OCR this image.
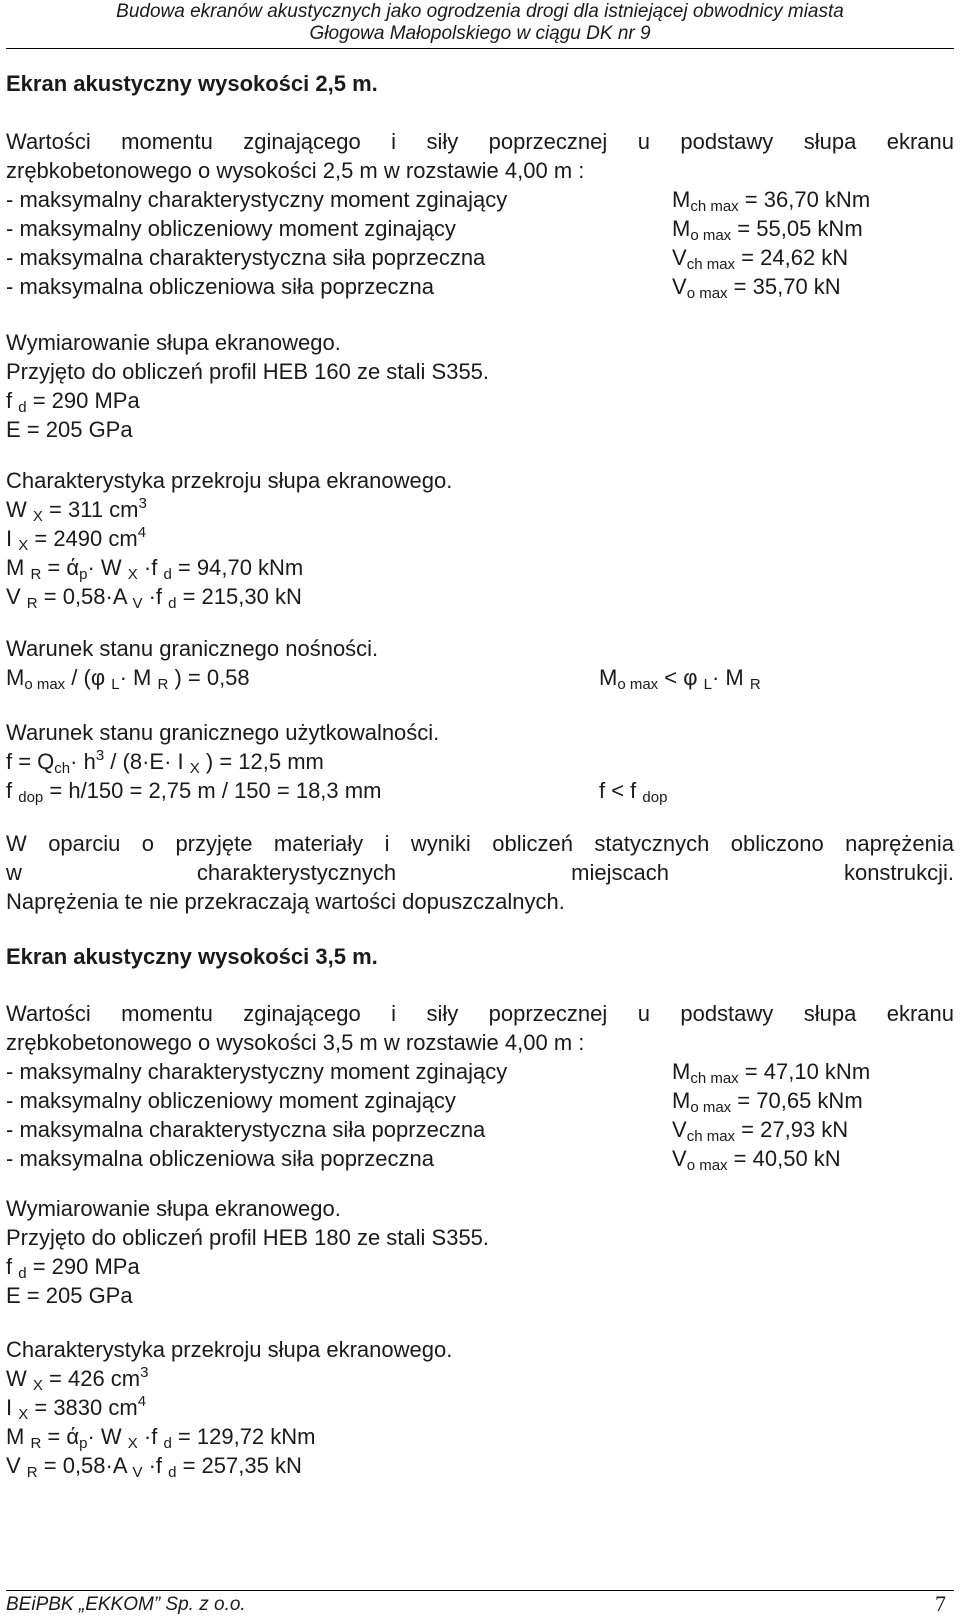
Budowa ekranów akustycznych jako ogrodzenia drogi dla istniejącej obwodnicy miasta
Głogowa Małopolskiego w ciągu DK nr 9
Ekran akustyczny wysokości 2,5 m.
Wartości momentu zginającego i siły poprzecznej u podstawy słupa ekranu
zrębkobetonowego o wysokości 2,5 m w rozstawie 4,00 m :
- maksymalny charakterystyczny moment zginający	$M_{ch max} = 36,70$ kNm
- maksymalny obliczeniowy moment zginający	$M_{o max} = 55,05$ kNm
- maksymalna charakterystyczna siła poprzeczna	$V_{ch max} = 24,62$ kN
- maksymalna obliczeniowa siła poprzeczna	$V_{o max} = 35,70$ kN
Wymiarowanie słupa ekranowego.
Przyjęto do obliczeń profil HEB 160 ze stali S355.
f $_d$ = 290 MPa
E = 205 GPa
Charakterystyka przekroju słupa ekranowego.
W $_X$ = 311 $cm^3$
I $_X$ = 2490 $cm^4$
M $_R = ά_p\cdot W$ $_X$ ·f $_d$ = 94,70 kNm
V $_R$ = 0,58·A $_V$ ·f $_d$ = 215,30 kN
Warunek stanu granicznego nośności.
$M_{o max} / (\varphi$ $_L$· M $_R$ ) = 0,58	$M_{o max} < \varphi$ $_L$· M $_R$
Warunek stanu granicznego użytkowalności.
$f = Q_{ch}\cdot h^3 / (8\cdot E\cdot I$ $_X$ ) = 12,5 mm
f $_{dop}$ = h/150 = 2,75 m / 150 = 18,3 mm	f < f $_{dop}$
W oparciu o przyjęte materiały i wyniki obliczeń statycznych obliczono naprężenia
w charakterystycznych miejscach konstrukcji.
Naprężenia te nie przekraczają wartości dopuszczalnych.
Ekran akustyczny wysokości 3,5 m.
Wartości momentu zginającego i siły poprzecznej u podstawy słupa ekranu
zrębkobetonowego o wysokości 3,5 m w rozstawie 4,00 m :
- maksymalny charakterystyczny moment zginający	$M_{ch max} = 47,10$ kNm
- maksymalny obliczeniowy moment zginający	$M_{o max} = 70,65$ kNm
- maksymalna charakterystyczna siła poprzeczna	$V_{ch max} = 27,93$ kN
- maksymalna obliczeniowa siła poprzeczna	$V_{o max} = 40,50$ kN
Wymiarowanie słupa ekranowego.
Przyjęto do obliczeń profil HEB 180 ze stali S355.
f $_d$ = 290 MPa
E = 205 GPa
Charakterystyka przekroju słupa ekranowego.
W $_X$ = 426 $cm^3$
I $_X$ = 3830 $cm^4$
M $_R = ά_p\cdot W$ $_X$ ·f $_d$ = 129,72 kNm
V $_R$ = 0,58·A $_V$ ·f $_d$ = 257,35 kN
BEiPBK „EKKOM” Sp. z o.o.	7
